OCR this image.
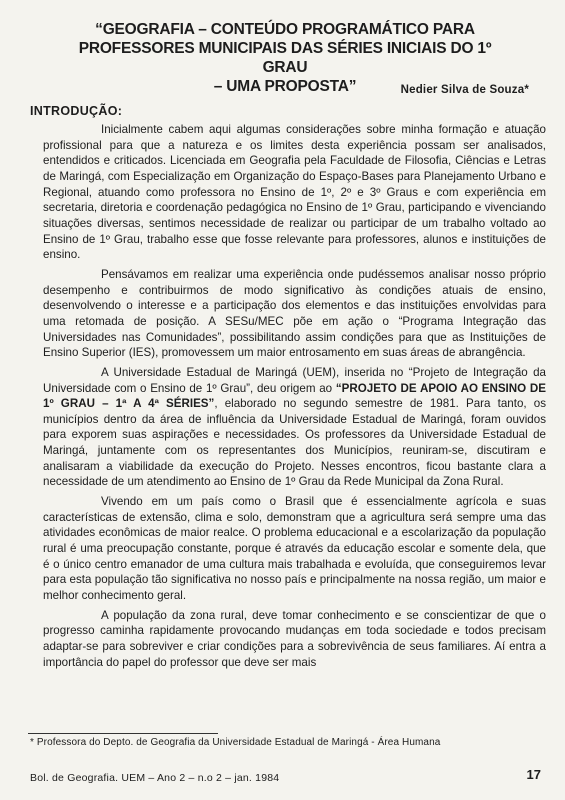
“GEOGRAFIA – CONTEÚDO PROGRAMÁTICO PARA
PROFESSORES MUNICIPAIS DAS SÉRIES INICIAIS DO 1º GRAU
– UMA PROPOSTA”	Nedier Silva de Souza*
INTRODUÇÃO:

Inicialmente cabem aqui algumas considerações sobre minha formação e atuação profissional para que a natureza e os limites desta experiência possam ser analisados, entendidos e criticados. Licenciada em Geografia pela Faculdade de Filosofia, Ciências e Letras de Maringá, com Especialização em Organização do Espaço-Bases para Planejamento Urbano e Regional, atuando como professora no Ensino de 1º, 2º e 3º Graus e com experiência em secretaria, diretoria e coordenação pedagógica no Ensino de 1º Grau, participando e vivenciando situações diversas, sentimos necessidade de realizar ou participar de um trabalho voltado ao Ensino de 1º Grau, trabalho esse que fosse relevante para professores, alunos e instituições de ensino.

Pensávamos em realizar uma experiência onde pudéssemos analisar nosso próprio desempenho e contribuirmos de modo significativo às condições atuais de ensino, desenvolvendo o interesse e a participação dos elementos e das instituições envolvidas para uma retomada de posição. A SESu/MEC põe em ação o “Programa Integração das Universidades nas Comunidades”, possibilitando assim condições para que as Instituições de Ensino Superior (IES), promovessem um maior entrosamento em suas áreas de abrangência.

A Universidade Estadual de Maringá (UEM), inserida no “Projeto de Integração da Universidade com o Ensino de 1º Grau”, deu origem ao “PROJETO DE APOIO AO ENSINO DE 1º GRAU – 1ª A 4ª SÉRIES”, elaborado no segundo semestre de 1981. Para tanto, os municípios dentro da área de influência da Universidade Estadual de Maringá, foram ouvidos para exporem suas aspirações e necessidades. Os professores da Universidade Estadual de Maringá, juntamente com os representantes dos Municípios, reuniram-se, discutiram e analisaram a viabilidade da execução do Projeto. Nesses encontros, ficou bastante clara a necessidade de um atendimento ao Ensino de 1º Grau da Rede Municipal da Zona Rural.

Vivendo em um país como o Brasil que é essencialmente agrícola e suas características de extensão, clima e solo, demonstram que a agricultura será sempre uma das atividades econômicas de maior realce. O problema educacional e a escolarização da população rural é uma preocupação constante, porque é através da educação escolar e somente dela, que é o único centro emanador de uma cultura mais trabalhada e evoluída, que conseguiremos levar para esta população tão significativa no nosso país e principalmente na nossa região, um maior e melhor conhecimento geral.

A população da zona rural, deve tomar conhecimento e se conscientizar de que o progresso caminha rapidamente provocando mudanças em toda sociedade e todos precisam adaptar-se para sobreviver e criar condições para a sobrevivência de seus familiares. Aí entra a importância do papel do professor que deve ser mais

* Professora do Depto. de Geografia da Universidade Estadual de Maringá - Área Humana
Bol. de Geografia. UEM – Ano 2 – n.o 2 – jan. 1984	17
